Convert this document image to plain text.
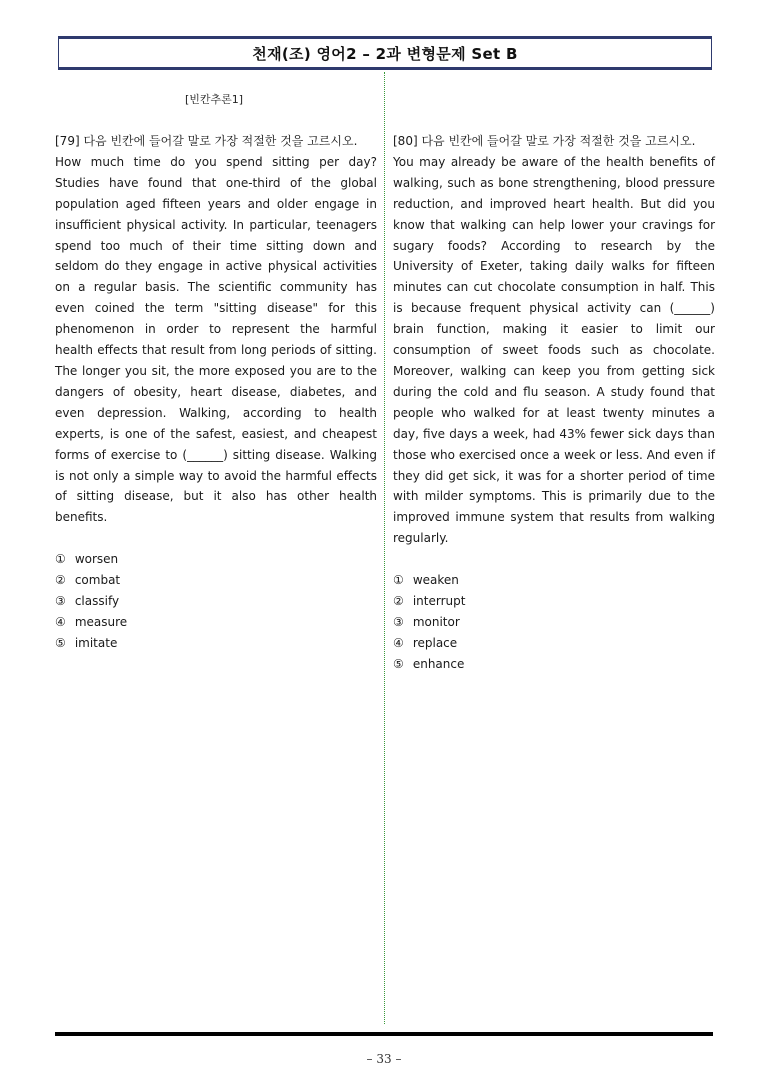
천재(조) 영어2 – 2과 변형문제 Set B
[빈칸추론1]

[79] 다음 빈칸에 들어갈 말로 가장 적절한 것을 고르시오.

How much time do you spend sitting per day? Studies have found that one-third of the global population aged fifteen years and older engage in insufficient physical activity. In particular, teenagers spend too much of their time sitting down and seldom do they engage in active physical activities on a regular basis. The scientific community has even coined the term "sitting disease" for this phenomenon in order to represent the harmful health effects that result from long periods of sitting. The longer you sit, the more exposed you are to the dangers of obesity, heart disease, diabetes, and even depression. Walking, according to health experts, is one of the safest, easiest, and cheapest forms of exercise to (______) sitting disease. Walking is not only a simple way to avoid the harmful effects of sitting disease, but it also has other health benefits.

① worsen
② combat
③ classify
④ measure
⑤ imitate

[80] 다음 빈칸에 들어갈 말로 가장 적절한 것을 고르시오.

You may already be aware of the health benefits of walking, such as bone strengthening, blood pressure reduction, and improved heart health. But did you know that walking can help lower your cravings for sugary foods? According to research by the University of Exeter, taking daily walks for fifteen minutes can cut chocolate consumption in half. This is because frequent physical activity can (______) brain function, making it easier to limit our consumption of sweet foods such as chocolate. Moreover, walking can keep you from getting sick during the cold and flu season. A study found that people who walked for at least twenty minutes a day, five days a week, had 43% fewer sick days than those who exercised once a week or less. And even if they did get sick, it was for a shorter period of time with milder symptoms. This is primarily due to the improved immune system that results from walking regularly.

① weaken
② interrupt
③ monitor
④ replace
⑤ enhance
– 33 –
